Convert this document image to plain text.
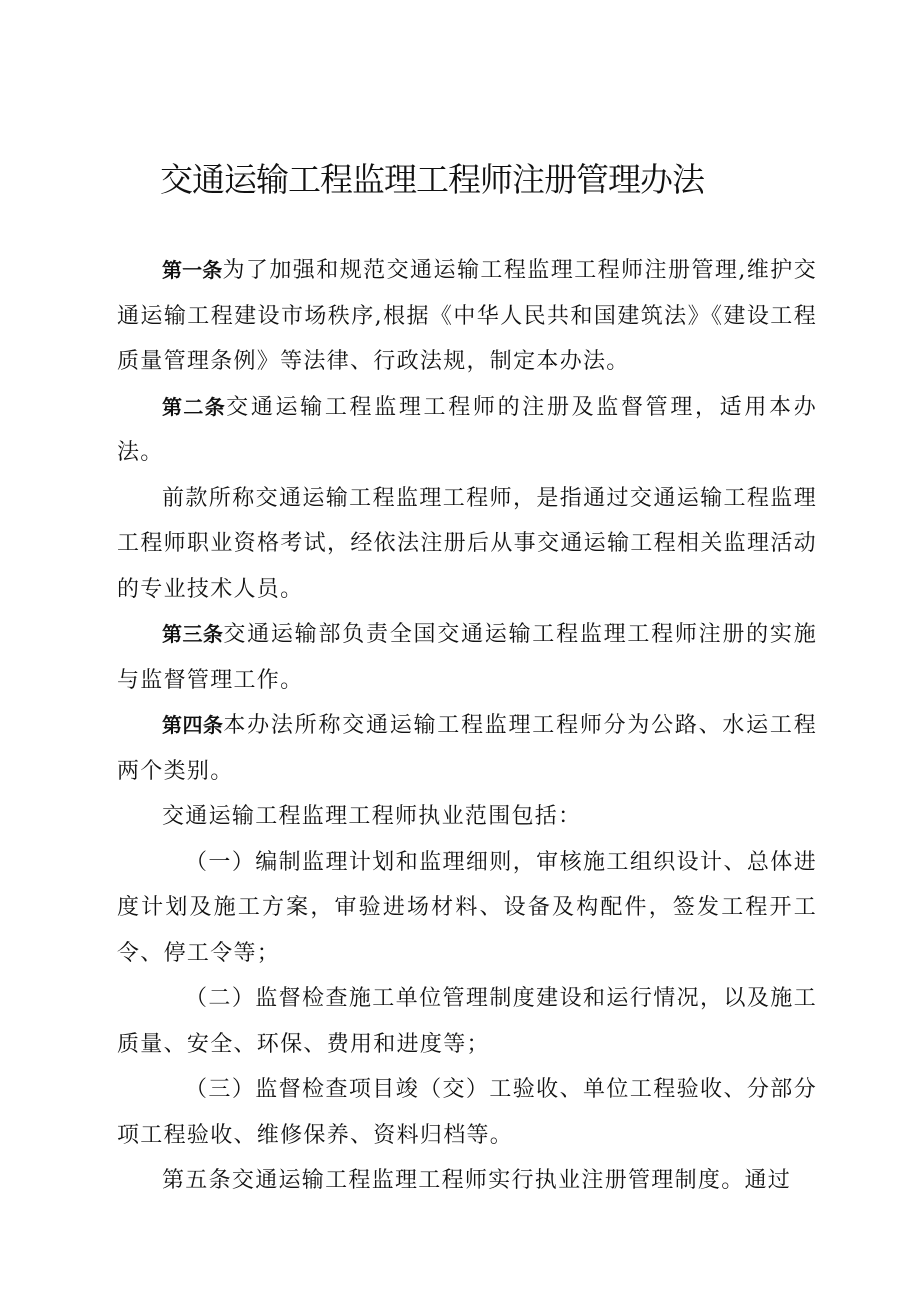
交通运输工程监理工程师注册管理办法

第一条为了加强和规范交通运输工程监理工程师注册管理,维护交通运输工程建设市场秩序,根据《中华人民共和国建筑法》《建设工程质量管理条例》等法律、行政法规，制定本办法。

第二条交通运输工程监理工程师的注册及监督管理，适用本办法。

前款所称交通运输工程监理工程师，是指通过交通运输工程监理工程师职业资格考试，经依法注册后从事交通运输工程相关监理活动的专业技术人员。

第三条交通运输部负责全国交通运输工程监理工程师注册的实施与监督管理工作。

第四条本办法所称交通运输工程监理工程师分为公路、水运工程两个类别。

交通运输工程监理工程师执业范围包括：

（一）编制监理计划和监理细则，审核施工组织设计、总体进度计划及施工方案，审验进场材料、设备及构配件，签发工程开工令、停工令等；

（二）监督检查施工单位管理制度建设和运行情况，以及施工质量、安全、环保、费用和进度等；

（三）监督检查项目竣（交）工验收、单位工程验收、分部分项工程验收、维修保养、资料归档等。

第五条交通运输工程监理工程师实行执业注册管理制度。通过
